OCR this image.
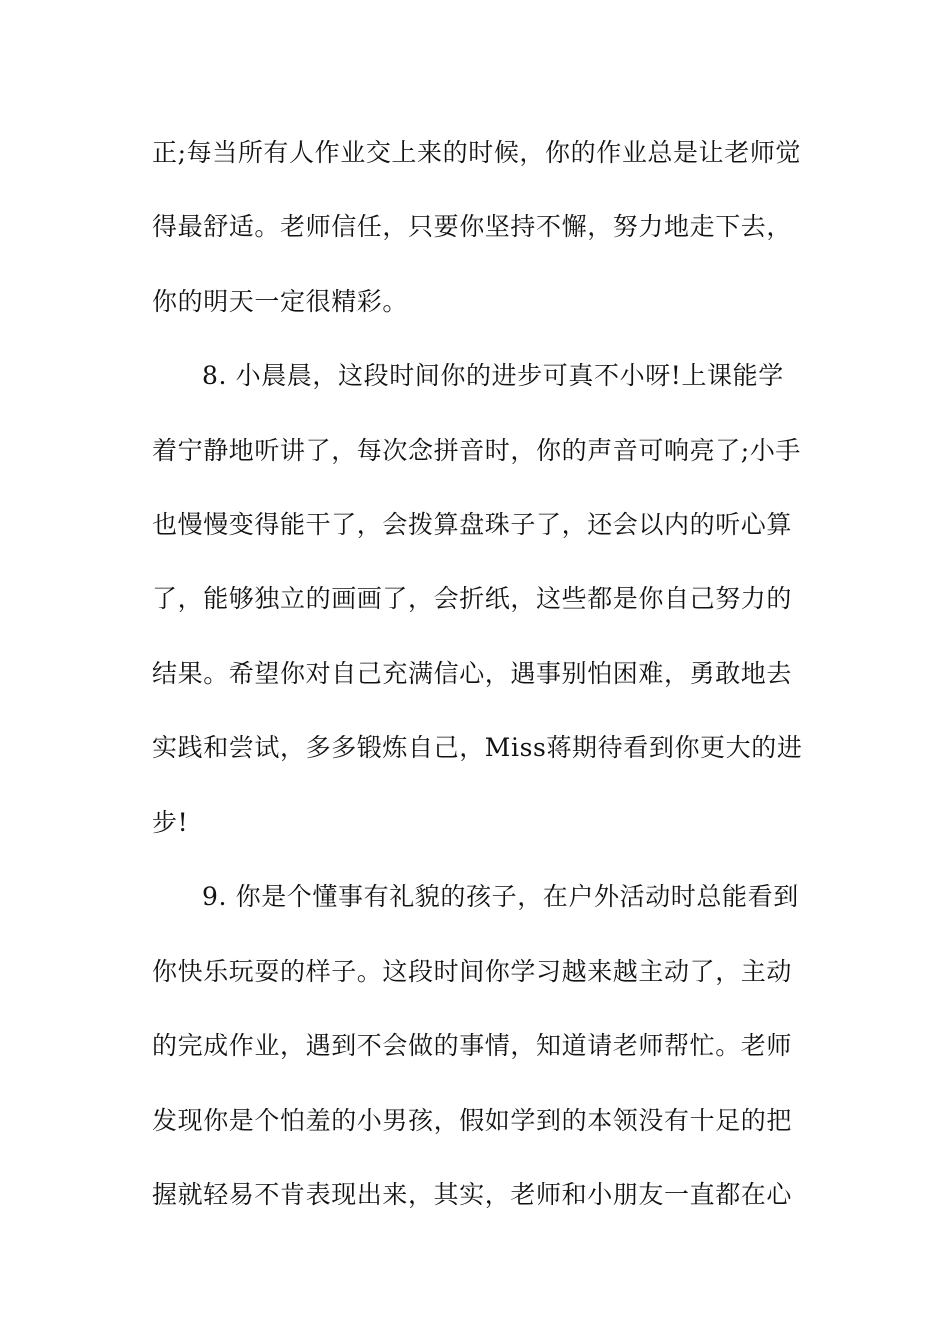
正;每当所有人作业交上来的时候，你的作业总是让老师觉
得最舒适。老师信任，只要你坚持不懈，努力地走下去，
你的明天一定很精彩。
8. 小晨晨，这段时间你的进步可真不小呀!上课能学
着宁静地听讲了，每次念拼音时，你的声音可响亮了;小手
也慢慢变得能干了，会拨算盘珠子了，还会以内的听心算
了，能够独立的画画了，会折纸，这些都是你自己努力的
结果。希望你对自己充满信心，遇事别怕困难，勇敢地去
实践和尝试，多多锻炼自己，Miss蒋期待看到你更大的进
步!
9. 你是个懂事有礼貌的孩子，在户外活动时总能看到
你快乐玩耍的样子。这段时间你学习越来越主动了，主动
的完成作业，遇到不会做的事情，知道请老师帮忙。老师
发现你是个怕羞的小男孩，假如学到的本领没有十足的把
握就轻易不肯表现出来，其实，老师和小朋友一直都在心
